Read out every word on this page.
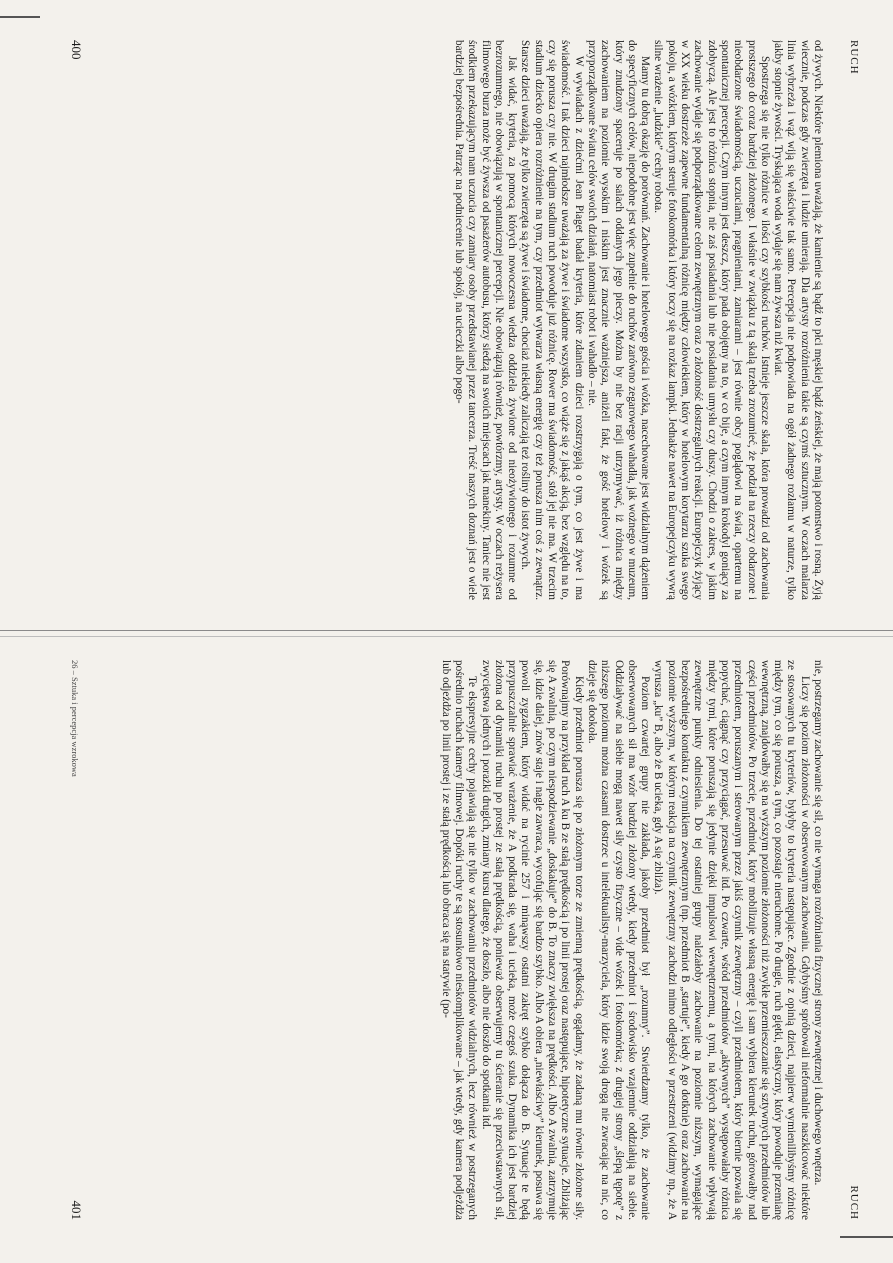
RUCH

od żywych. Niektóre plemiona uważają, że kamienie są bądź to płci męskiej bądź żeńskiej, że mają potomstwo i rosną. Żyją wiecznie, podczas gdy zwierzęta i ludzie umierają. Dla artysty rozróżnienia takie są czymś sztucznym. W oczach malarza linia wybrzeża i wąż wiją się właściwie tak samo. Percepcja nie podpowiada na ogół żadnego rozłamu w naturze, tylko jakby stopnie żywości. Tryskająca woda wydaje się nam żywsza niż kwiat.

Spostrzega się nie tylko różnice w ilości czy szybkości ruchów. Istnieje jeszcze skala, która prowadzi od zachowania prostszego do coraz bardziej złożonego. I właśnie w związku z tą skalą trzeba zrozumieć, że podział na rzeczy obdarzone i nieobdarzone świadomością, uczuciami, pragnieniami, zamiarami – jest równie obcy poglądowi na świat, opartemu na spontanicznej percepcji. Czym innym jest deszcz, który pada obojętny na to, w co bije, a czym innym krokodyl goniący za zdobyczą. Ale jest to różnica stopnia, nie zaś posiadania lub nie posiadania umysłu czy duszy. Chodzi o zakres, w jakim zachowanie wydaje się podporządkowane celom zewnętrznym oraz o złożoność dostrzegalnych reakcji. Europejczyk żyjący w XX wieku dostrzeże zapewne fundamentalną różnicę między człowiekiem, który w hotelowym korytarzu szuka swego pokoju, a wózkiem, którym steruje fotokomórka i który toczy się na rozkaz lampki. Jednakże nawet na Europejczyku wywrą silne wrażenie „ludzkie” cechy robota.

Mamy tu dobrą okazję do porównań. Zachowanie i hotelowego gościa i wózka, nacechowane jest widzialnym dążeniem do specyficznych celów, niepodobne jest więc zupełnie do ruchów zarówno zegarowego wahadła, jak wożnego w muzeum, który znudzony spaceruje po salach oddanych jego pieczy. Można by nie bez racji utrzymywać, iż różnica między zachowaniem na poziomie wysokim i niskim jest znacznie ważniejsza, aniżeli fakt, że gość hotelowy i wózek są przyporządkowane światu celów swoich działań, natomiast robot i wahadło – nie.

W wywiadach z dziećmi Jean Piaget badał kryteria, które zdaniem dzieci rozstrzygają o tym, co jest żywe i ma świadomość. I tak dzieci najmłodsze uważają za żywe i świadome wszystko, co wiąże się z jakąś akcją, bez względu na to, czy się porusza czy nie. W drugim stadium ruch powoduje już różnicę. Rower ma świadomość, stół jej nie ma. W trzecim stadium dziecko opiera rozróżnienie na tym, czy przedmiot wytwarza własną energię czy też porusza nim coś z zewnątrz. Starsze dzieci uważają, że tylko zwierzęta są żywe i świadome, chociaż niekiedy zaliczają też rośliny do istot żywych.

Jak widać, kryteria, za pomocą których nowoczesna wiedza oddziela żywione od nieożywionego i rozumne od bezrozumnego, nie obowiązują w spontanicznej percepcji. Nie obowiązują również, powtórzmy, artysty. W oczach reżysera filmowego burza może być żywsza od pasażerów autobusu, którzy siedzą na swoich miejscach jak manekiny. Taniec nie jest środkiem przekazującym nam uczucia czy zamiary osoby przedstawianej przez tancerza. Treść naszych doznań jest o wiele bardziej bezpośrednia. Patrząc na podniecenie lub spokój, na ucieczki albo pogo-

400
RUCH

nie, postrzegamy zachowanie się sił, co nie wymaga rozróżniania fizycznej strony zewnętrznej i duchowego wnętrza.

Liczy się poziom złożoności w obserwowanym zachowaniu. Gdybyśmy spróbowali nieformalnie naszkicować niektóre ze stosowanych tu kryteriów, byłyby to kryteria następujące. Zgodnie z opinią dzieci, najpierw wymienilibyśmy różnicę między tym, co się porusza, a tym, co pozostaje nieruchome. Po drugie, ruch giętki, elastyczny, który powoduje przemianę wewnętrzną, znajdowałby się na wyższym poziomie złożoności niż zwykłe przemieszczanie się sztywnych przedmiotów lub części przedmiotów. Po trzecie, przedmiot, który mobilizuje własną energię i sam wybiera kierunek ruchu, górowałby nad przedmiotem, poruszanym i sterowanym przez jakiś czynnik zewnętrzny – czyli przedmiotem, który biernie pozwala się popychać, ciągnąć czy przyciągać, przesuwać itd. Po czwarte, wśród przedmiotów „aktywnych” występowałaby różnica między tymi, które poruszają się jedynie dzięki impulsowi wewnętrznemu, a tymi, na których zachowanie wpływają zewnętrzne punkty odniesienia. Do tej ostatniej grupy należałoby zachowanie na poziomie niższym, wymagające bezpośredniego kontaktu z czynnikiem zewnętrznym (np. przedmiot B „startuje”, kiedy A go dotknie) oraz zachowanie na poziomie wyższym, w którym reakcja na czynnik zewnętrzny zachodzi mimo odległości w przestrzeni (widzimy np., że A wyrusza „ku” B, albo że B ucieka, gdy A się zbliża).

Poziom czwartej grupy nie zakłada, jakoby przedmiot był „rozumny”. Stwierdzamy tylko, że zachowanie obserwowanych sił ma wzór bardziej złożony wtedy, kiedy przedmiot i środowisko wzajemnie oddziałują na siebie. Oddziaływać na siebie mogą nawet siły czysto fizyczne – vide wózek i fotokomórka; z drugiej strony „ślepą tępotę” z niższego poziomu można czasami dostrzec u intelektualisty-marzyciela, który idzie swoją drogą nie zwracając na nic, co dzieje się dookoła.

Kiedy przedmiot porusza się po złożonym torze ze zmienną prędkością, ogądamy, że zadaną mu równie złożone siły. Porównajmy na przykład ruch A ku B ze stałą prędkością i po linii prostej oraz następujące, hipotetyczne sytuacje. Zbliżając się A zwalnia, po czym niespodziewanie „doskakuje” do B. To znaczy zwiększa na prędkości. Albo A zwalnia, zatrzymuje się, idzie dalej, znów staje i nagle zawraca, wycofując się bardzo szybko. Albo A obiera „niewłaściwy” kierunek, posuwa się powoli zygzakiem, który widać na rycinie 257 i minąwszy ostatni zakręt szybko dołącza do B. Sytuacje te będą przypuszczalnie sprawiać wrażenie, że A podkrada się, waha i ucieka, może czegoś szuka. Dynamika ich jest bardziej złożona od dynamiki ruchu po prostej ze stałą prędkością, ponieważ obserwujemy tu ścieranie się przeciwstawnych sił, zwycięstwa jednych i porażki drugich, zmiany kursu dlatego, że doszło, albo nie doszło do spotkania itd.

Te ekspresyjne cechy pojawiają się nie tylko w zachowaniu przedmiotów widzialnych, lecz również w postrzeganych pośrednio ruchach kamery filmowej. Dopóki ruchy te są stosunkowo nieskomplikowane – jak wtedy, gdy kamera podjeżdża lub odjeżdża po linii prostej i ze stałą prędkością lub obraca się na statywie (po-

26 – Sztuka i percepcja wzrokowa
401
